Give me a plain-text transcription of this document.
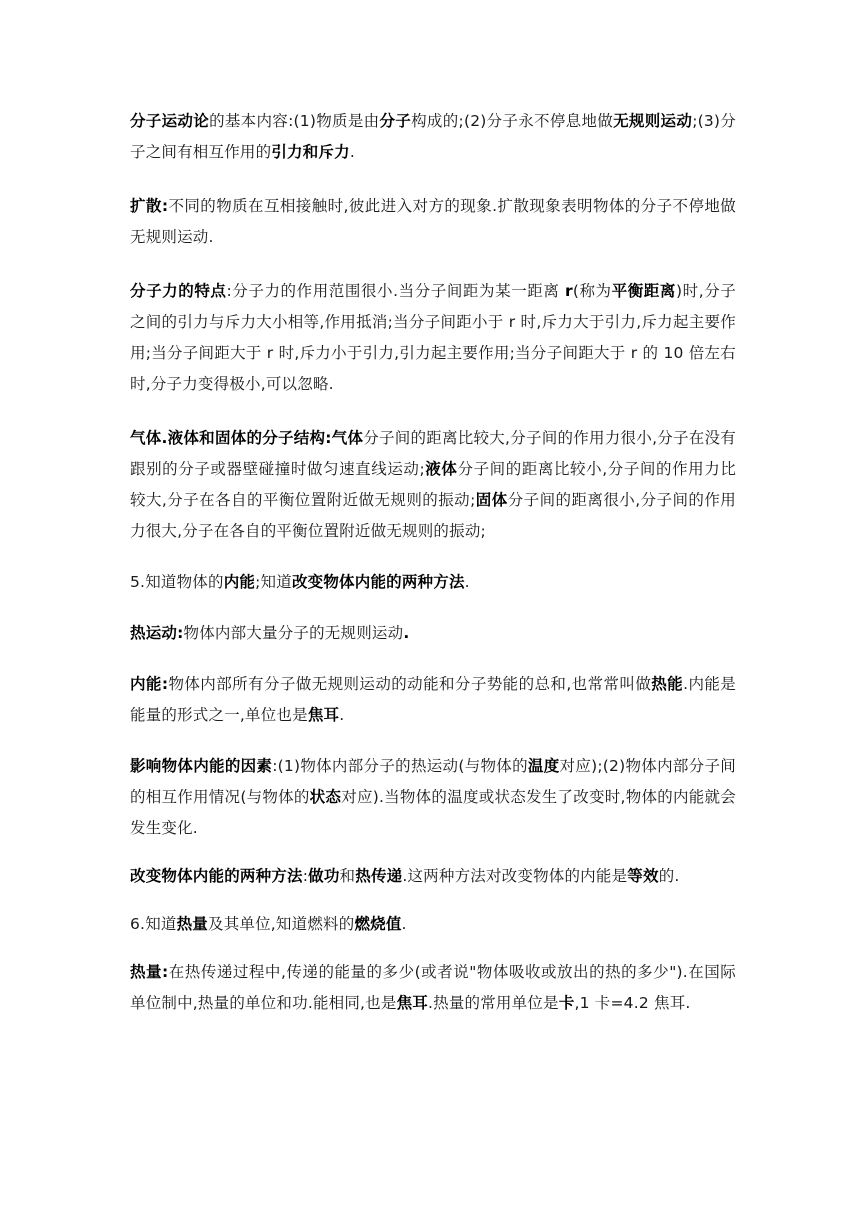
分子运动论的基本内容:(1)物质是由分子构成的;(2)分子永不停息地做无规则运动;(3)分子之间有相互作用的引力和斥力.

扩散:不同的物质在互相接触时,彼此进入对方的现象.扩散现象表明物体的分子不停地做无规则运动.

分子力的特点:分子力的作用范围很小.当分子间距为某一距离 r(称为平衡距离)时,分子之间的引力与斥力大小相等,作用抵消;当分子间距小于 r 时,斥力大于引力,斥力起主要作用;当分子间距大于 r 时,斥力小于引力,引力起主要作用;当分子间距大于 r 的 10 倍左右时,分子力变得极小,可以忽略.

气体.液体和固体的分子结构:气体分子间的距离比较大,分子间的作用力很小,分子在没有跟别的分子或器壁碰撞时做匀速直线运动;液体分子间的距离比较小,分子间的作用力比较大,分子在各自的平衡位置附近做无规则的振动;固体分子间的距离很小,分子间的作用力很大,分子在各自的平衡位置附近做无规则的振动;

5.知道物体的内能;知道改变物体内能的两种方法.

热运动:物体内部大量分子的无规则运动.

内能:物体内部所有分子做无规则运动的动能和分子势能的总和,也常常叫做热能.内能是能量的形式之一,单位也是焦耳.

影响物体内能的因素:(1)物体内部分子的热运动(与物体的温度对应);(2)物体内部分子间的相互作用情况(与物体的状态对应).当物体的温度或状态发生了改变时,物体的内能就会发生变化.

改变物体内能的两种方法:做功和热传递.这两种方法对改变物体的内能是等效的.

6.知道热量及其单位,知道燃料的燃烧值.

热量:在热传递过程中,传递的能量的多少(或者说"物体吸收或放出的热的多少").在国际单位制中,热量的单位和功.能相同,也是焦耳.热量的常用单位是卡,1 卡=4.2 焦耳.
